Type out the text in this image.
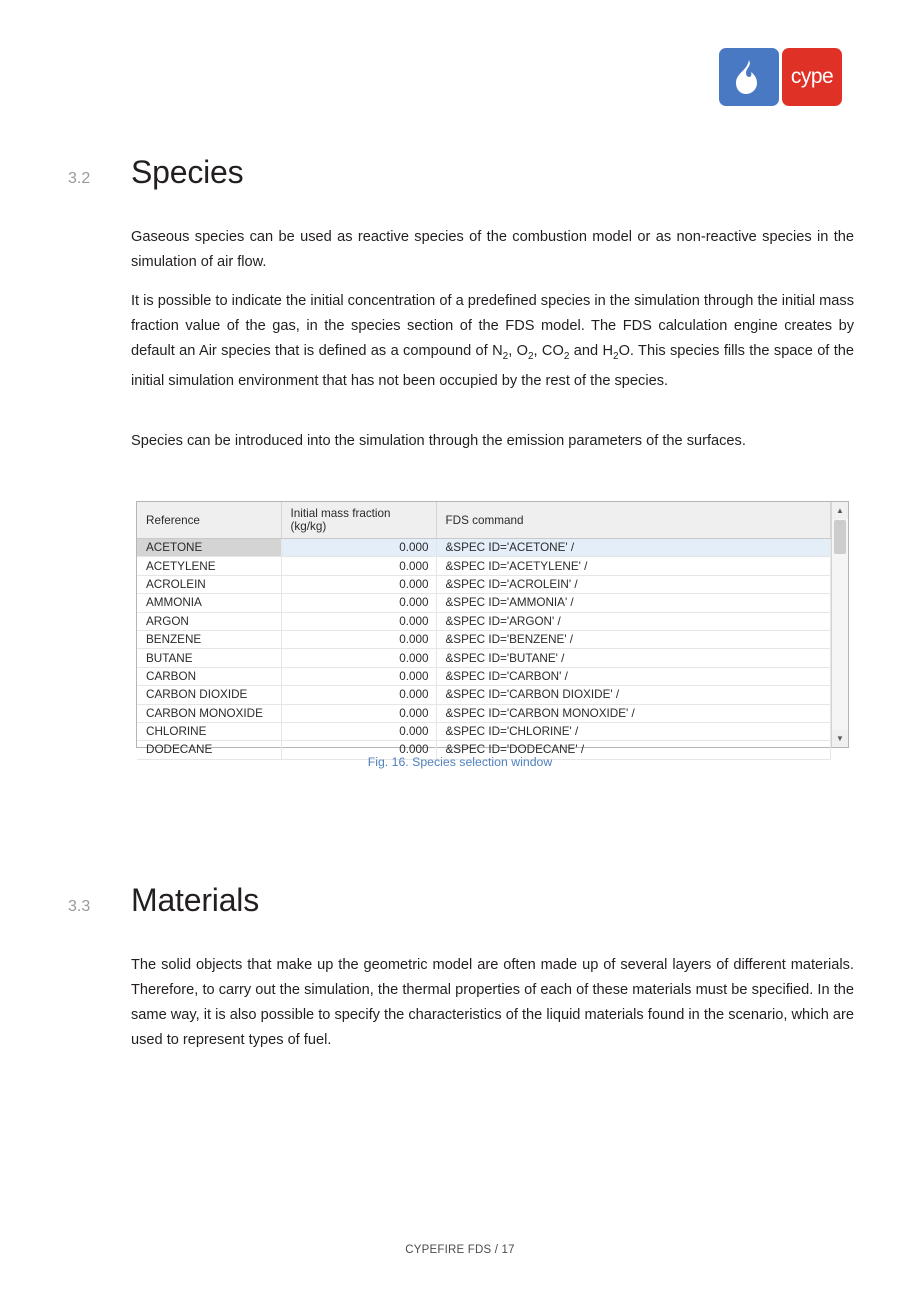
cype
3.2 Species

Gaseous species can be used as reactive species of the combustion model or as non-reactive species in the simulation of air flow.

It is possible to indicate the initial concentration of a predefined species in the simulation through the initial mass fraction value of the gas, in the species section of the FDS model. The FDS calculation engine creates by default an Air species that is defined as a compound of $N_2$, $O_2$, $CO_2$ and $H_2O$. This species fills the space of the initial simulation environment that has not been occupied by the rest of the species.

Species can be introduced into the simulation through the emission parameters of the surfaces.

Reference	Initial mass fraction (kg/kg)	FDS command
ACETONE	0.000	&SPEC ID='ACETONE' /
ACETYLENE	0.000	&SPEC ID='ACETYLENE' /
ACROLEIN	0.000	&SPEC ID='ACROLEIN' /
AMMONIA	0.000	&SPEC ID='AMMONIA' /
ARGON	0.000	&SPEC ID='ARGON' /
BENZENE	0.000	&SPEC ID='BENZENE' /
BUTANE	0.000	&SPEC ID='BUTANE' /
CARBON	0.000	&SPEC ID='CARBON' /
CARBON DIOXIDE	0.000	&SPEC ID='CARBON DIOXIDE' /
CARBON MONOXIDE	0.000	&SPEC ID='CARBON MONOXIDE' /
CHLORINE	0.000	&SPEC ID='CHLORINE' /
DODECANE	0.000	&SPEC ID='DODECANE' /
▲
▼
Fig. 16. Species selection window
3.3 Materials

The solid objects that make up the geometric model are often made up of several layers of different materials. Therefore, to carry out the simulation, the thermal properties of each of these materials must be specified. In the same way, it is also possible to specify the characteristics of the liquid materials found in the scenario, which are used to represent types of fuel.

CYPEFIRE FDS / 17
